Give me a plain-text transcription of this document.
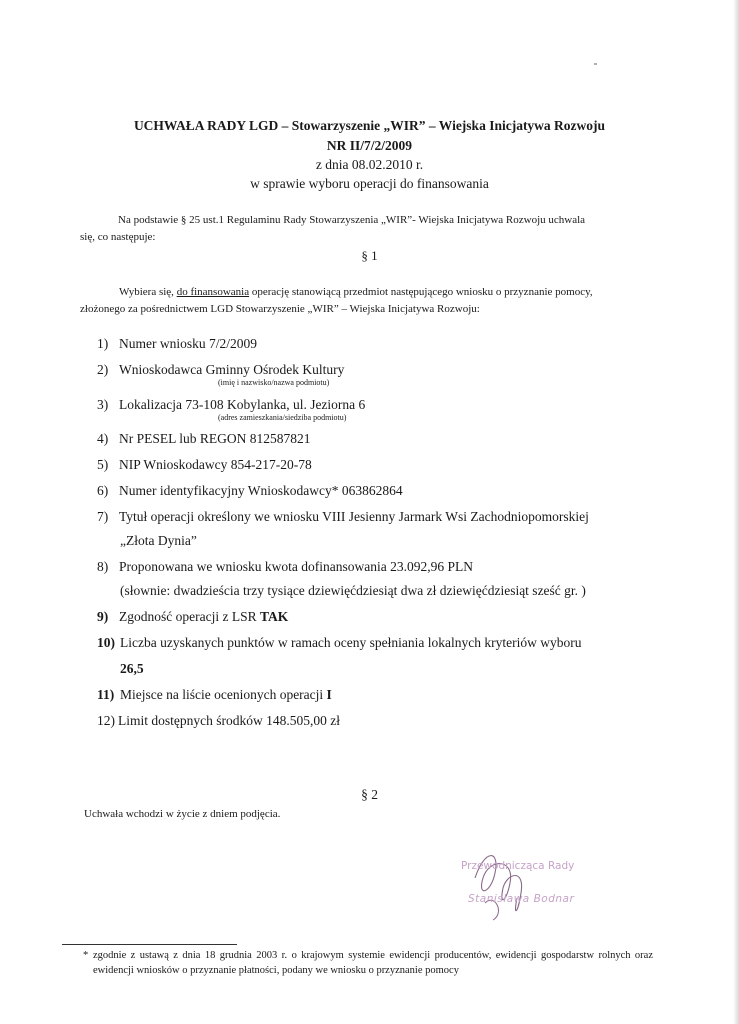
UCHWAŁA RADY LGD – Stowarzyszenie „WIR” – Wiejska Inicjatywa Rozwoju
NR II/7/2/2009
z dnia 08.02.2010 r.
w sprawie wyboru operacji do finansowania
Na podstawie § 25 ust.1 Regulaminu Rady Stowarzyszenia „WIR”- Wiejska Inicjatywa Rozwoju uchwala
się, co następuje:
§ 1
Wybiera się, do finansowania operację stanowiącą przedmiot następującego wniosku o przyznanie pomocy,
złożonego za pośrednictwem LGD Stowarzyszenie „WIR” – Wiejska Inicjatywa Rozwoju:
1) Numer wniosku 7/2/2009
2) Wnioskodawca Gminny Ośrodek Kultury
(imię i nazwisko/nazwa podmiotu)
3) Lokalizacja 73-108 Kobylanka, ul. Jeziorna 6
(adres zamieszkania/siedziba podmiotu)
4) Nr PESEL lub REGON 812587821
5) NIP Wnioskodawcy 854-217-20-78
6) Numer identyfikacyjny Wnioskodawcy* 063862864
7) Tytuł operacji określony we wniosku VIII Jesienny Jarmark Wsi Zachodniopomorskiej
„Złota Dynia”
8) Proponowana we wniosku kwota dofinansowania 23.092,96 PLN
(słownie: dwadzieścia trzy tysiące dziewięćdziesiąt dwa zł dziewięćdziesiąt sześć gr. )
9) Zgodność operacji z LSR TAK
10) Liczba uzyskanych punktów w ramach oceny spełniania lokalnych kryteriów wyboru
26,5
11) Miejsce na liście ocenionych operacji I
12) Limit dostępnych środków 148.505,00 zł
§ 2
Uchwała wchodzi w życie z dniem podjęcia.
Przewodnicząca Rady
Stanisława Bodnar
* zgodnie z ustawą z dnia 18 grudnia 2003 r. o krajowym systemie ewidencji producentów, ewidencji gospodarstw rolnych oraz ewidencji wniosków o przyznanie płatności, podany we wniosku o przyznanie pomocy
